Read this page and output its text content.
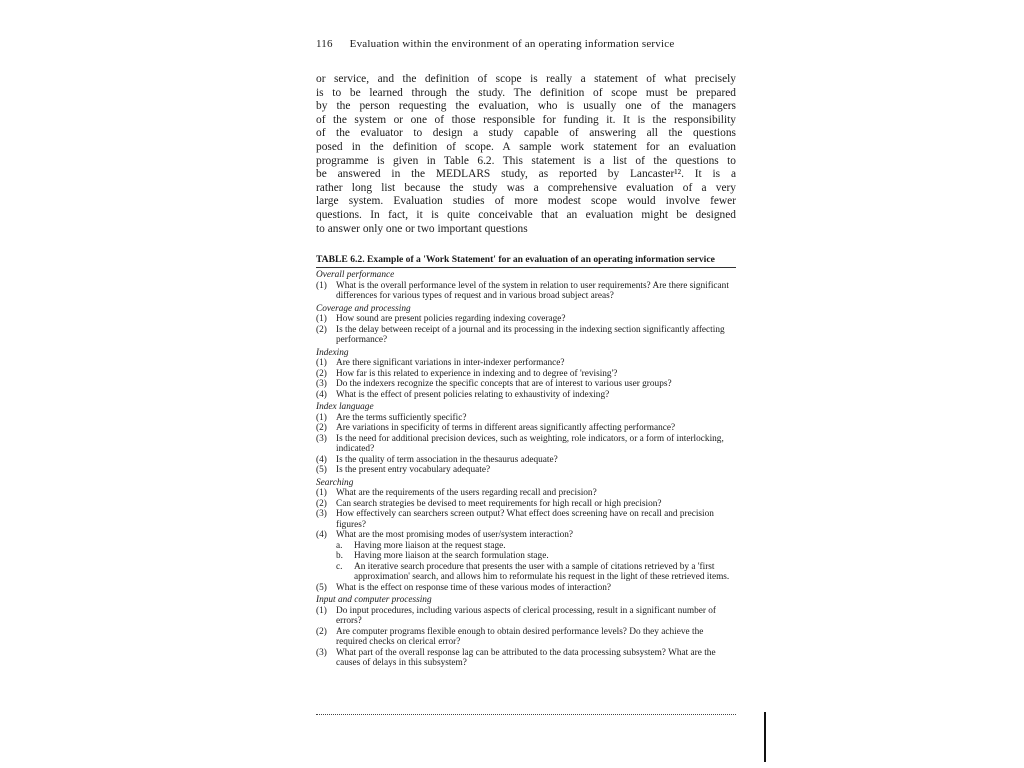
116 Evaluation within the environment of an operating information service
or service, and the definition of scope is really a statement of what precisely
is to be learned through the study. The definition of scope must be prepared
by the person requesting the evaluation, who is usually one of the managers
of the system or one of those responsible for funding it. It is the responsibility
of the evaluator to design a study capable of answering all the questions
posed in the definition of scope. A sample work statement for an evaluation
programme is given in Table 6.2. This statement is a list of the questions to
be answered in the MEDLARS study, as reported by Lancaster¹². It is a
rather long list because the study was a comprehensive evaluation of a very
large system. Evaluation studies of more modest scope would involve fewer
questions. In fact, it is quite conceivable that an evaluation might be designed
to answer only one or two important questions
TABLE 6.2. Example of a 'Work Statement' for an evaluation of an operating information service
Overall performance
(1) What is the overall performance level of the system in relation to user requirements? Are there significant differences for various types of request and in various broad subject areas?
Coverage and processing
(1) How sound are present policies regarding indexing coverage?
(2) Is the delay between receipt of a journal and its processing in the indexing section significantly affecting performance?
Indexing
(1) Are there significant variations in inter-indexer performance?
(2) How far is this related to experience in indexing and to degree of 'revising'?
(3) Do the indexers recognize the specific concepts that are of interest to various user groups?
(4) What is the effect of present policies relating to exhaustivity of indexing?
Index language
(1) Are the terms sufficiently specific?
(2) Are variations in specificity of terms in different areas significantly affecting performance?
(3) Is the need for additional precision devices, such as weighting, role indicators, or a form of interlocking, indicated?
(4) Is the quality of term association in the thesaurus adequate?
(5) Is the present entry vocabulary adequate?
Searching
(1) What are the requirements of the users regarding recall and precision?
(2) Can search strategies be devised to meet requirements for high recall or high precision?
(3) How effectively can searchers screen output? What effect does screening have on recall and precision figures?
(4) What are the most promising modes of user/system interaction?
a. Having more liaison at the request stage.
b. Having more liaison at the search formulation stage.
c. An iterative search procedure that presents the user with a sample of citations retrieved by a 'first approximation' search, and allows him to reformulate his request in the light of these retrieved items.
(5) What is the effect on response time of these various modes of interaction?
Input and computer processing
(1) Do input procedures, including various aspects of clerical processing, result in a significant number of errors?
(2) Are computer programs flexible enough to obtain desired performance levels? Do they achieve the required checks on clerical error?
(3) What part of the overall response lag can be attributed to the data processing subsystem? What are the causes of delays in this subsystem?
